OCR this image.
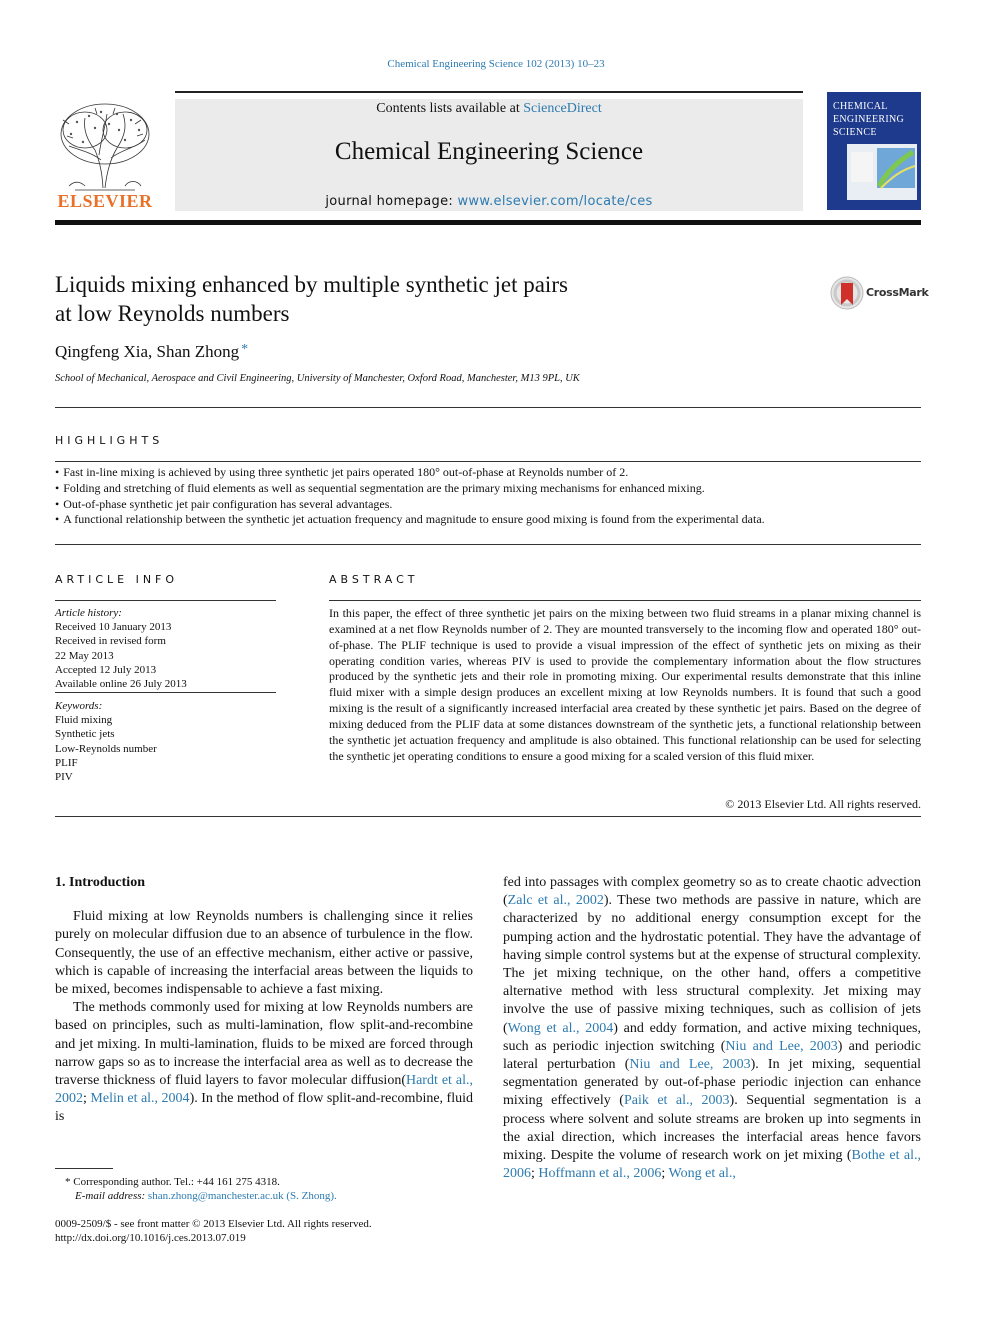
Chemical Engineering Science 102 (2013) 10–23
ELSEVIER
Contents lists available at ScienceDirect
Chemical Engineering Science
journal homepage: www.elsevier.com/locate/ces
CHEMICAL
ENGINEERING
SCIENCE
Liquids mixing enhanced by multiple synthetic jet pairs
at low Reynolds numbers
CrossMark
Qingfeng Xia, Shan Zhong *
School of Mechanical, Aerospace and Civil Engineering, University of Manchester, Oxford Road, Manchester, M13 9PL, UK
HIGHLIGHTS
• Fast in-line mixing is achieved by using three synthetic jet pairs operated 180° out-of-phase at Reynolds number of 2.
• Folding and stretching of fluid elements as well as sequential segmentation are the primary mixing mechanisms for enhanced mixing.
• Out-of-phase synthetic jet pair configuration has several advantages.
• A functional relationship between the synthetic jet actuation frequency and magnitude to ensure good mixing is found from the experimental data.
ARTICLE INFO
Article history:
Received 10 January 2013
Received in revised form
22 May 2013
Accepted 12 July 2013
Available online 26 July 2013
Keywords:
Fluid mixing
Synthetic jets
Low-Reynolds number
PLIF
PIV
ABSTRACT
In this paper, the effect of three synthetic jet pairs on the mixing between two fluid streams in a planar mixing channel is examined at a net flow Reynolds number of 2. They are mounted transversely to the incoming flow and operated 180° out-of-phase. The PLIF technique is used to provide a visual impression of the effect of synthetic jets on mixing as their operating condition varies, whereas PIV is used to provide the complementary information about the flow structures produced by the synthetic jets and their role in promoting mixing. Our experimental results demonstrate that this inline fluid mixer with a simple design produces an excellent mixing at low Reynolds numbers. It is found that such a good mixing is the result of a significantly increased interfacial area created by these synthetic jet pairs. Based on the degree of mixing deduced from the PLIF data at some distances downstream of the synthetic jets, a functional relationship between the synthetic jet actuation frequency and amplitude is also obtained. This functional relationship can be used for selecting the synthetic jet operating conditions to ensure a good mixing for a scaled version of this fluid mixer.
© 2013 Elsevier Ltd. All rights reserved.
1. Introduction

Fluid mixing at low Reynolds numbers is challenging since it relies purely on molecular diffusion due to an absence of turbulence in the flow. Consequently, the use of an effective mechanism, either active or passive, which is capable of increasing the interfacial areas between the liquids to be mixed, becomes indispensable to achieve a fast mixing.

The methods commonly used for mixing at low Reynolds numbers are based on principles, such as multi-lamination, flow split-and-recombine and jet mixing. In multi-lamination, fluids to be mixed are forced through narrow gaps so as to increase the interfacial area as well as to decrease the traverse thickness of fluid layers to favor molecular diffusion(Hardt et al., 2002; Melin et al., 2004). In the method of flow split-and-recombine, fluid is

fed into passages with complex geometry so as to create chaotic advection (Zalc et al., 2002). These two methods are passive in nature, which are characterized by no additional energy consumption except for the pumping action and the hydrostatic potential. They have the advantage of having simple control systems but at the expense of structural complexity. The jet mixing technique, on the other hand, offers a competitive alternative method with less structural complexity. Jet mixing may involve the use of passive mixing techniques, such as collision of jets (Wong et al., 2004) and eddy formation, and active mixing techniques, such as periodic injection switching (Niu and Lee, 2003) and periodic lateral perturbation (Niu and Lee, 2003). In jet mixing, sequential segmentation generated by out-of-phase periodic injection can enhance mixing effectively (Paik et al., 2003). Sequential segmentation is a process where solvent and solute streams are broken up into segments in the axial direction, which increases the interfacial areas hence favors mixing. Despite the volume of research work on jet mixing (Bothe et al., 2006; Hoffmann et al., 2006; Wong et al.,

* Corresponding author. Tel.: +44 161 275 4318.
E-mail address: shan.zhong@manchester.ac.uk (S. Zhong).
0009-2509/$ - see front matter © 2013 Elsevier Ltd. All rights reserved.
http://dx.doi.org/10.1016/j.ces.2013.07.019
